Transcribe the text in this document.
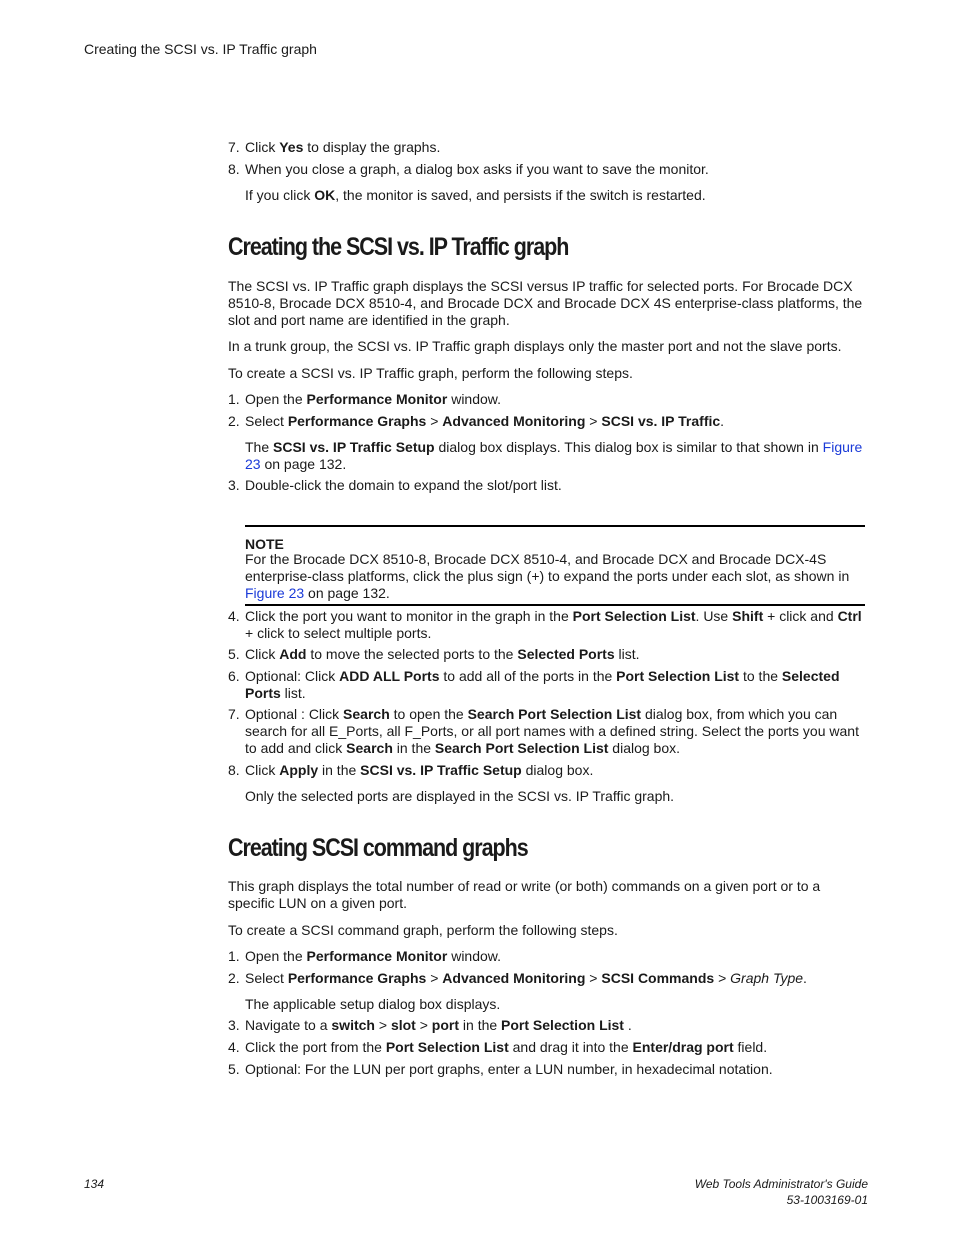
Creating the SCSI vs. IP Traffic graph
7. Click Yes to display the graphs.
8. When you close a graph, a dialog box asks if you want to save the monitor.
If you click OK, the monitor is saved, and persists if the switch is restarted.
Creating the SCSI vs. IP Traffic graph
The SCSI vs. IP Traffic graph displays the SCSI versus IP traffic for selected ports. For Brocade DCX 8510-8, Brocade DCX 8510-4, and Brocade DCX and Brocade DCX 4S enterprise-class platforms, the slot and port name are identified in the graph.
In a trunk group, the SCSI vs. IP Traffic graph displays only the master port and not the slave ports.
To create a SCSI vs. IP Traffic graph, perform the following steps.
1. Open the Performance Monitor window.
2. Select Performance Graphs > Advanced Monitoring > SCSI vs. IP Traffic.
The SCSI vs. IP Traffic Setup dialog box displays. This dialog box is similar to that shown in Figure 23 on page 132.
3. Double-click the domain to expand the slot/port list.
NOTE
For the Brocade DCX 8510-8, Brocade DCX 8510-4, and Brocade DCX and Brocade DCX-4S enterprise-class platforms, click the plus sign (+) to expand the ports under each slot, as shown in Figure 23 on page 132.
4. Click the port you want to monitor in the graph in the Port Selection List. Use Shift + click and Ctrl + click to select multiple ports.
5. Click Add to move the selected ports to the Selected Ports list.
6. Optional: Click ADD ALL Ports to add all of the ports in the Port Selection List to the Selected Ports list.
7. Optional : Click Search to open the Search Port Selection List dialog box, from which you can search for all E_Ports, all F_Ports, or all port names with a defined string. Select the ports you want to add and click Search in the Search Port Selection List dialog box.
8. Click Apply in the SCSI vs. IP Traffic Setup dialog box.
Only the selected ports are displayed in the SCSI vs. IP Traffic graph.
Creating SCSI command graphs
This graph displays the total number of read or write (or both) commands on a given port or to a specific LUN on a given port.
To create a SCSI command graph, perform the following steps.
1. Open the Performance Monitor window.
2. Select Performance Graphs > Advanced Monitoring > SCSI Commands > Graph Type.
The applicable setup dialog box displays.
3. Navigate to a switch > slot > port in the Port Selection List .
4. Click the port from the Port Selection List and drag it into the Enter/drag port field.
5. Optional: For the LUN per port graphs, enter a LUN number, in hexadecimal notation.
134	Web Tools Administrator's Guide
53-1003169-01
